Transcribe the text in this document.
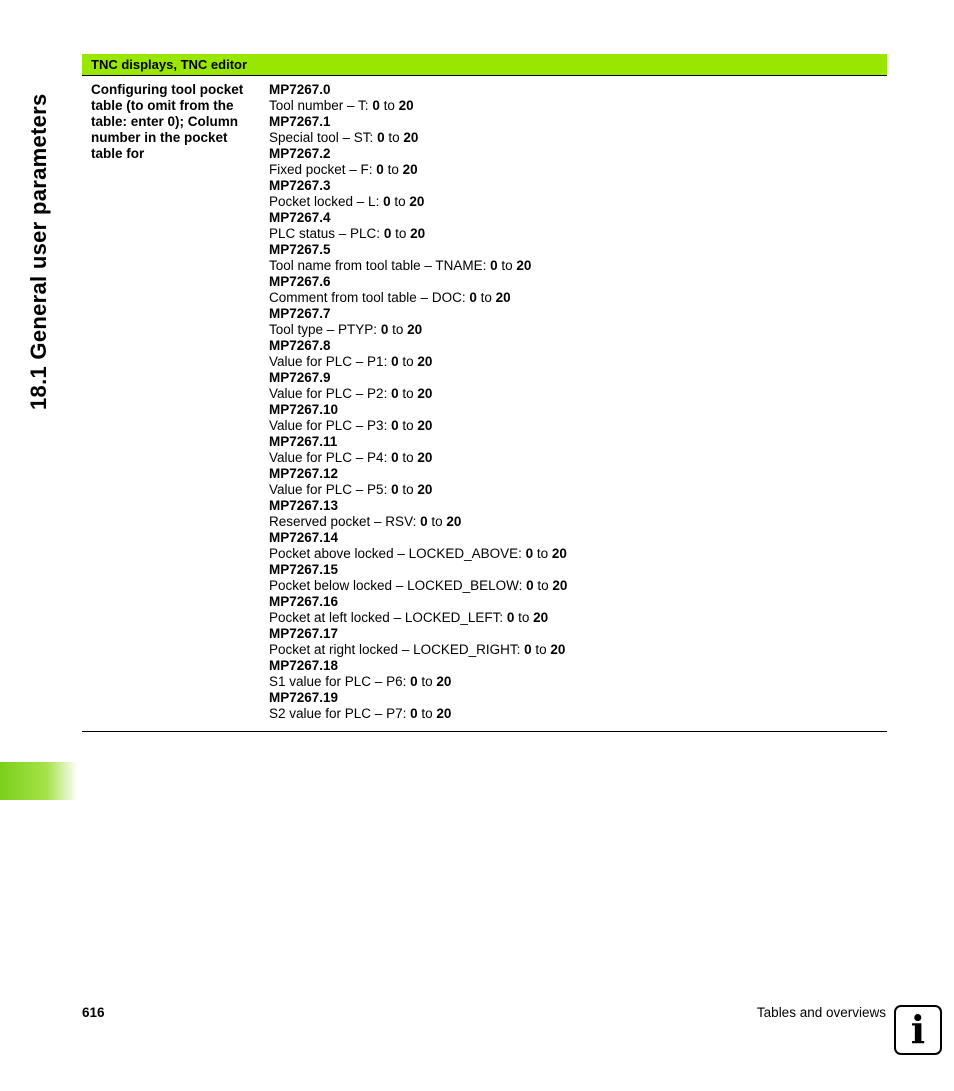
18.1 General user parameters
TNC displays, TNC editor
Configuring tool pocket table (to omit from the table: enter 0); Column number in the pocket table for
MP7267.0
Tool number – T: 0 to 20
MP7267.1
Special tool – ST: 0 to 20
MP7267.2
Fixed pocket – F: 0 to 20
MP7267.3
Pocket locked – L: 0 to 20
MP7267.4
PLC status – PLC: 0 to 20
MP7267.5
Tool name from tool table – TNAME: 0 to 20
MP7267.6
Comment from tool table – DOC: 0 to 20
MP7267.7
Tool type – PTYP: 0 to 20
MP7267.8
Value for PLC – P1: 0 to 20
MP7267.9
Value for PLC – P2: 0 to 20
MP7267.10
Value for PLC – P3: 0 to 20
MP7267.11
Value for PLC – P4: 0 to 20
MP7267.12
Value for PLC – P5: 0 to 20
MP7267.13
Reserved pocket – RSV: 0 to 20
MP7267.14
Pocket above locked – LOCKED_ABOVE: 0 to 20
MP7267.15
Pocket below locked – LOCKED_BELOW: 0 to 20
MP7267.16
Pocket at left locked – LOCKED_LEFT: 0 to 20
MP7267.17
Pocket at right locked – LOCKED_RIGHT: 0 to 20
MP7267.18
S1 value for PLC – P6: 0 to 20
MP7267.19
S2 value for PLC – P7: 0 to 20
616	Tables and overviews i
